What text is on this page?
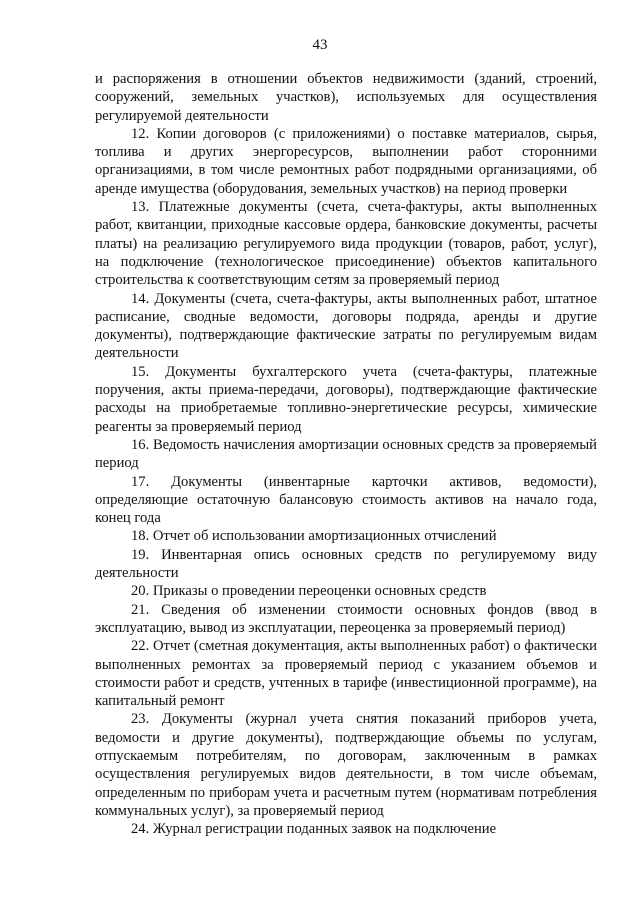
43

и распоряжения в отношении объектов недвижимости (зданий, строений, сооружений, земельных участков), используемых для осуществления регулируемой деятельности

12. Копии договоров (с приложениями) о поставке материалов, сырья, топлива и других энергоресурсов, выполнении работ сторонними организациями, в том числе ремонтных работ подрядными организациями, об аренде имущества (оборудования, земельных участков) на период проверки

13. Платежные документы (счета, счета-фактуры, акты выполненных работ, квитанции, приходные кассовые ордера, банковские документы, расчеты платы) на реализацию регулируемого вида продукции (товаров, работ, услуг), на подключение (технологическое присоединение) объектов капитального строительства к соответствующим сетям за проверяемый период

14. Документы (счета, счета-фактуры, акты выполненных работ, штатное расписание, сводные ведомости, договоры подряда, аренды и другие документы), подтверждающие фактические затраты по регулируемым видам деятельности

15. Документы бухгалтерского учета (счета-фактуры, платежные поручения, акты приема-передачи, договоры), подтверждающие фактические расходы на приобретаемые топливно-энергетические ресурсы, химические реагенты за проверяемый период

16. Ведомость начисления амортизации основных средств за проверяемый период

17. Документы (инвентарные карточки активов, ведомости), определяющие остаточную балансовую стоимость активов на начало года, конец года

18. Отчет об использовании амортизационных отчислений

19. Инвентарная опись основных средств по регулируемому виду деятельности

20. Приказы о проведении переоценки основных средств

21. Сведения об изменении стоимости основных фондов (ввод в эксплуатацию, вывод из эксплуатации, переоценка за проверяемый период)

22. Отчет (сметная документация, акты выполненных работ) о фактически выполненных ремонтах за проверяемый период с указанием объемов и стоимости работ и средств, учтенных в тарифе (инвестиционной программе), на капитальный ремонт

23. Документы (журнал учета снятия показаний приборов учета, ведомости и другие документы), подтверждающие объемы по услугам, отпускаемым потребителям, по договорам, заключенным в рамках осуществления регулируемых видов деятельности, в том числе объемам, определенным по приборам учета и расчетным путем (нормативам потребления коммунальных услуг), за проверяемый период

24. Журнал регистрации поданных заявок на подключение
